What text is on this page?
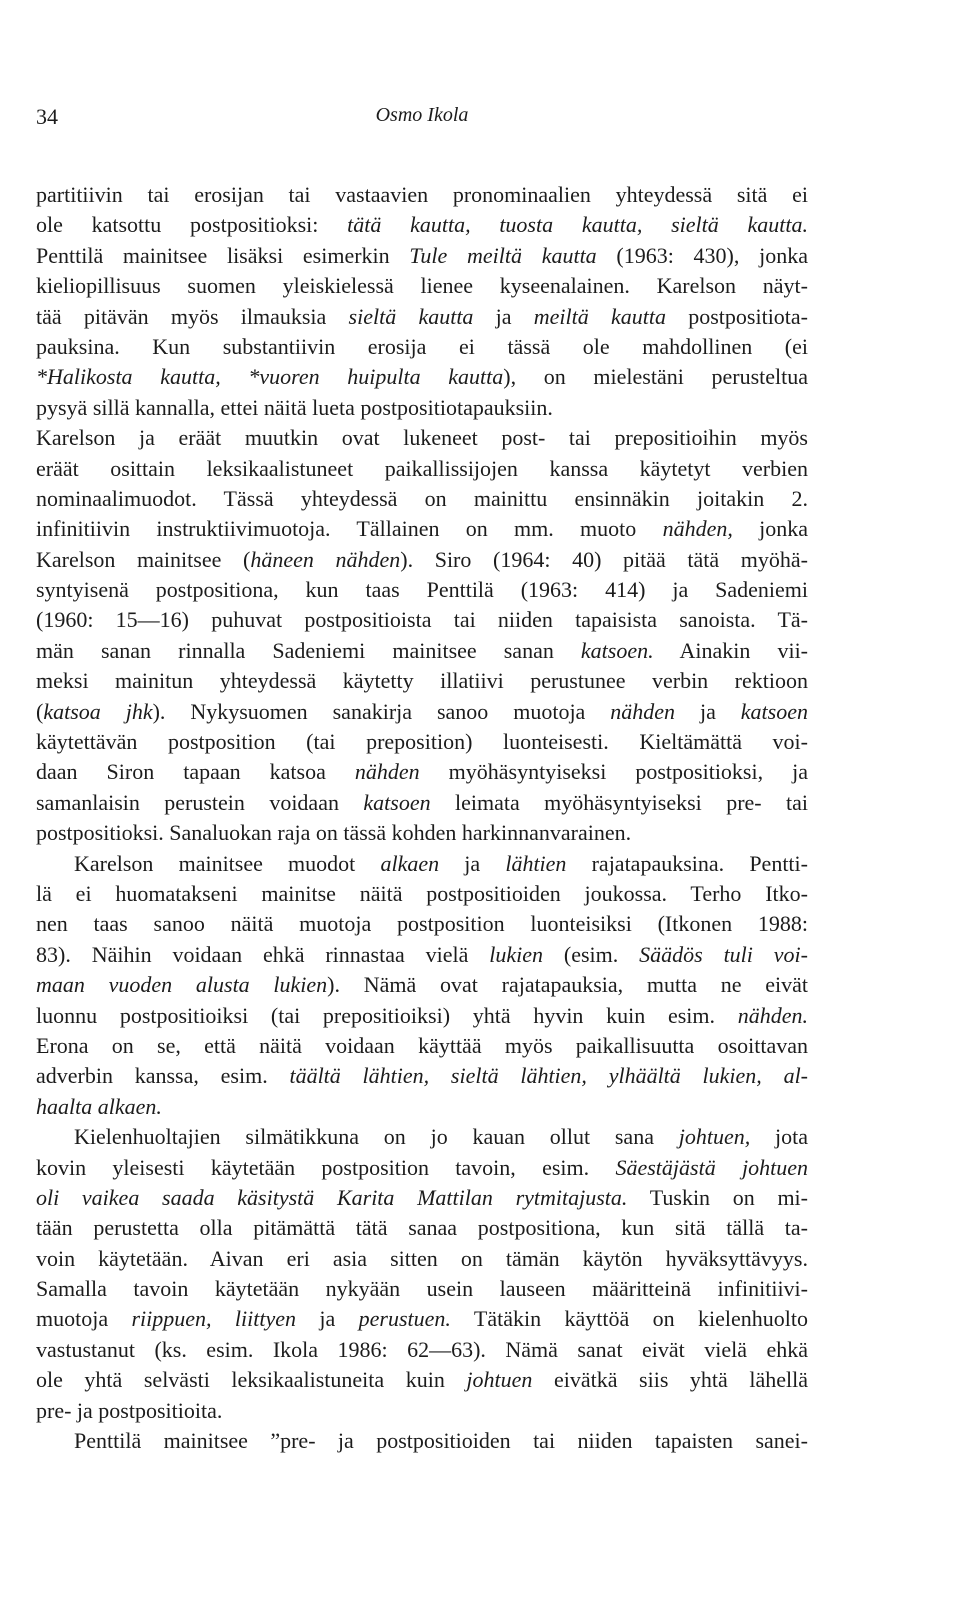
34	Osmo Ikola
partitiivin tai erosijan tai vastaavien pronominaalien yhteydessä sitä ei
ole katsottu postpositioksi: tätä kautta, tuosta kautta, sieltä kautta.
Penttilä mainitsee lisäksi esimerkin Tule meiltä kautta (1963: 430), jonka
kieliopillisuus suomen yleiskielessä lienee kyseenalainen. Karelson näyt-
tää pitävän myös ilmauksia sieltä kautta ja meiltä kautta postpositiota-
pauksina. Kun substantiivin erosija ei tässä ole mahdollinen (ei
*Halikosta kautta, *vuoren huipulta kautta), on mielestäni perusteltua
pysyä sillä kannalla, ettei näitä lueta postpositiotapauksiin.
Karelson ja eräät muutkin ovat lukeneet post- tai prepositioihin myös
eräät osittain leksikaalistuneet paikallissijojen kanssa käytetyt verbien
nominaalimuodot. Tässä yhteydessä on mainittu ensinnäkin joitakin 2.
infinitiivin instruktiivimuotoja. Tällainen on mm. muoto nähden, jonka
Karelson mainitsee (häneen nähden). Siro (1964: 40) pitää tätä myöhä-
syntyisenä postpositiona, kun taas Penttilä (1963: 414) ja Sadeniemi
(1960: 15—16) puhuvat postpositioista tai niiden tapaisista sanoista. Tä-
män sanan rinnalla Sadeniemi mainitsee sanan katsoen. Ainakin vii-
meksi mainitun yhteydessä käytetty illatiivi perustunee verbin rektioon
(katsoa jhk). Nykysuomen sanakirja sanoo muotoja nähden ja katsoen
käytettävän postposition (tai preposition) luonteisesti. Kieltämättä voi-
daan Siron tapaan katsoa nähden myöhäsyntyiseksi postpositioksi, ja
samanlaisin perustein voidaan katsoen leimata myöhäsyntyiseksi pre- tai
postpositioksi. Sanaluokan raja on tässä kohden harkinnanvarainen.
Karelson mainitsee muodot alkaen ja lähtien rajatapauksina. Pentti-
lä ei huomatakseni mainitse näitä postpositioiden joukossa. Terho Itko-
nen taas sanoo näitä muotoja postposition luonteisiksi (Itkonen 1988:
83). Näihin voidaan ehkä rinnastaa vielä lukien (esim. Säädös tuli voi-
maan vuoden alusta lukien). Nämä ovat rajatapauksia, mutta ne eivät
luonnu postpositioiksi (tai prepositioiksi) yhtä hyvin kuin esim. nähden.
Erona on se, että näitä voidaan käyttää myös paikallisuutta osoittavan
adverbin kanssa, esim. täältä lähtien, sieltä lähtien, ylhäältä lukien, al-
haalta alkaen.
Kielenhuoltajien silmätikkuna on jo kauan ollut sana johtuen, jota
kovin yleisesti käytetään postposition tavoin, esim. Säestäjästä johtuen
oli vaikea saada käsitystä Karita Mattilan rytmitajusta. Tuskin on mi-
tään perustetta olla pitämättä tätä sanaa postpositiona, kun sitä tällä ta-
voin käytetään. Aivan eri asia sitten on tämän käytön hyväksyttävyys.
Samalla tavoin käytetään nykyään usein lauseen määritteinä infinitiivi-
muotoja riippuen, liittyen ja perustuen. Tätäkin käyttöä on kielenhuolto
vastustanut (ks. esim. Ikola 1986: 62—63). Nämä sanat eivät vielä ehkä
ole yhtä selvästi leksikaalistuneita kuin johtuen eivätkä siis yhtä lähellä
pre- ja postpositioita.
Penttilä mainitsee ”pre- ja postpositioiden tai niiden tapaisten sanei-
